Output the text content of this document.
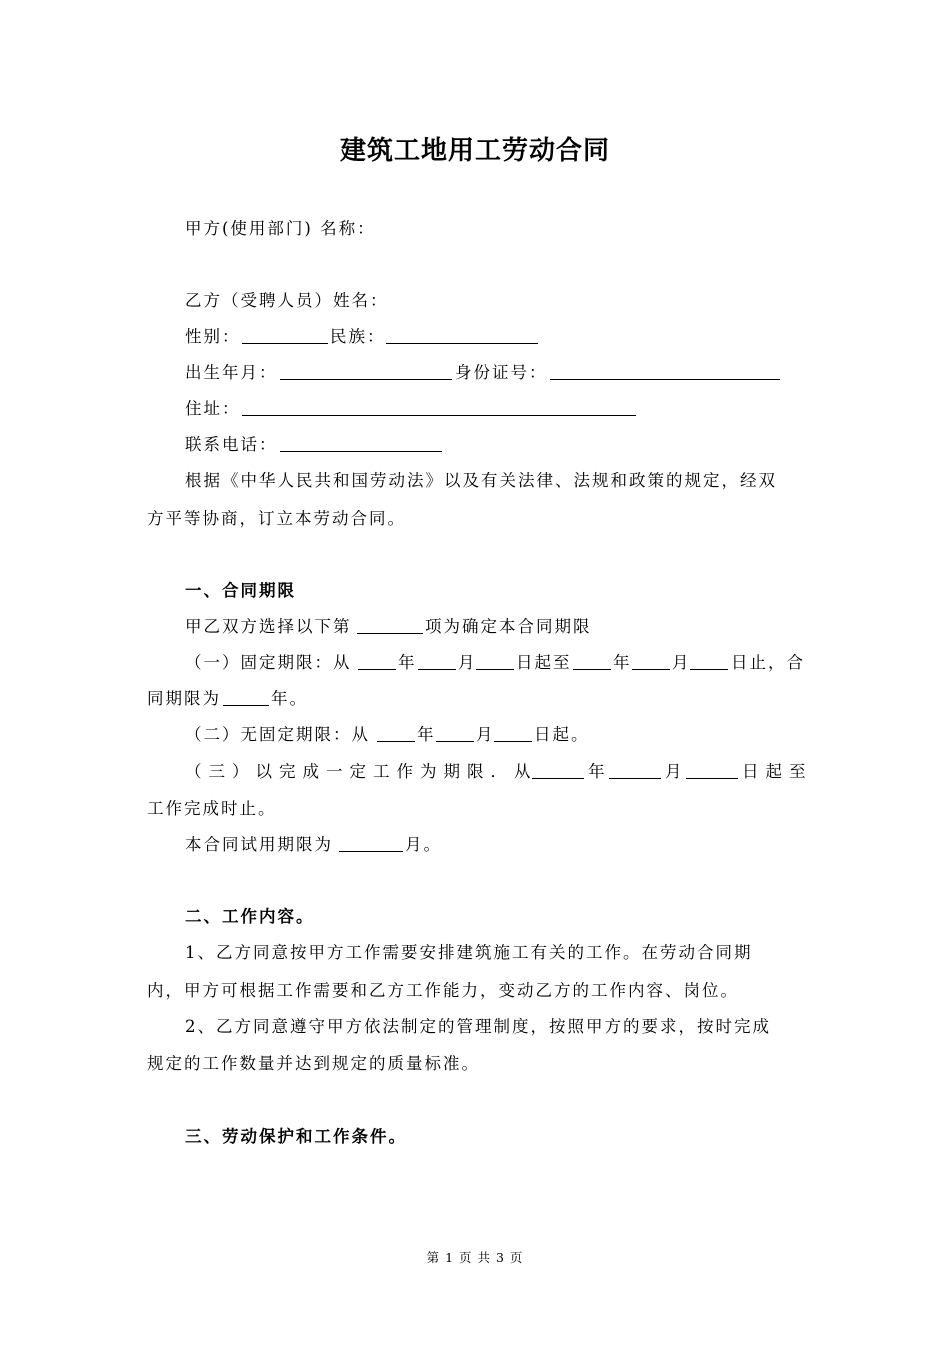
建筑工地用工劳动合同
甲方(使用部门) 名称：
乙方（受聘人员）姓名：
性别：	民族：
出生年月：	身份证号：
住址：
联系电话：
根据《中华人民共和国劳动法》以及有关法律、法规和政策的规定，经双
方平等协商，订立本劳动合同。
一、合同期限
甲乙双方选择以下第	项为确定本合同期限
（一）固定期限：从	年	月 日起至	年 月 日止，合
同期限为	年。
（二）无固定期限：从	年 月 日起。
（三）以完成一定工作为期限．从	年	月	日起至
工作完成时止。
本合同试用期限为	月。
二、工作内容。
1、乙方同意按甲方工作需要安排建筑施工有关的工作。在劳动合同期
内，甲方可根据工作需要和乙方工作能力，变动乙方的工作内容、岗位。
2、乙方同意遵守甲方依法制定的管理制度，按照甲方的要求，按时完成
规定的工作数量并达到规定的质量标准。
三、劳动保护和工作条件。
第 1 页 共 3 页
